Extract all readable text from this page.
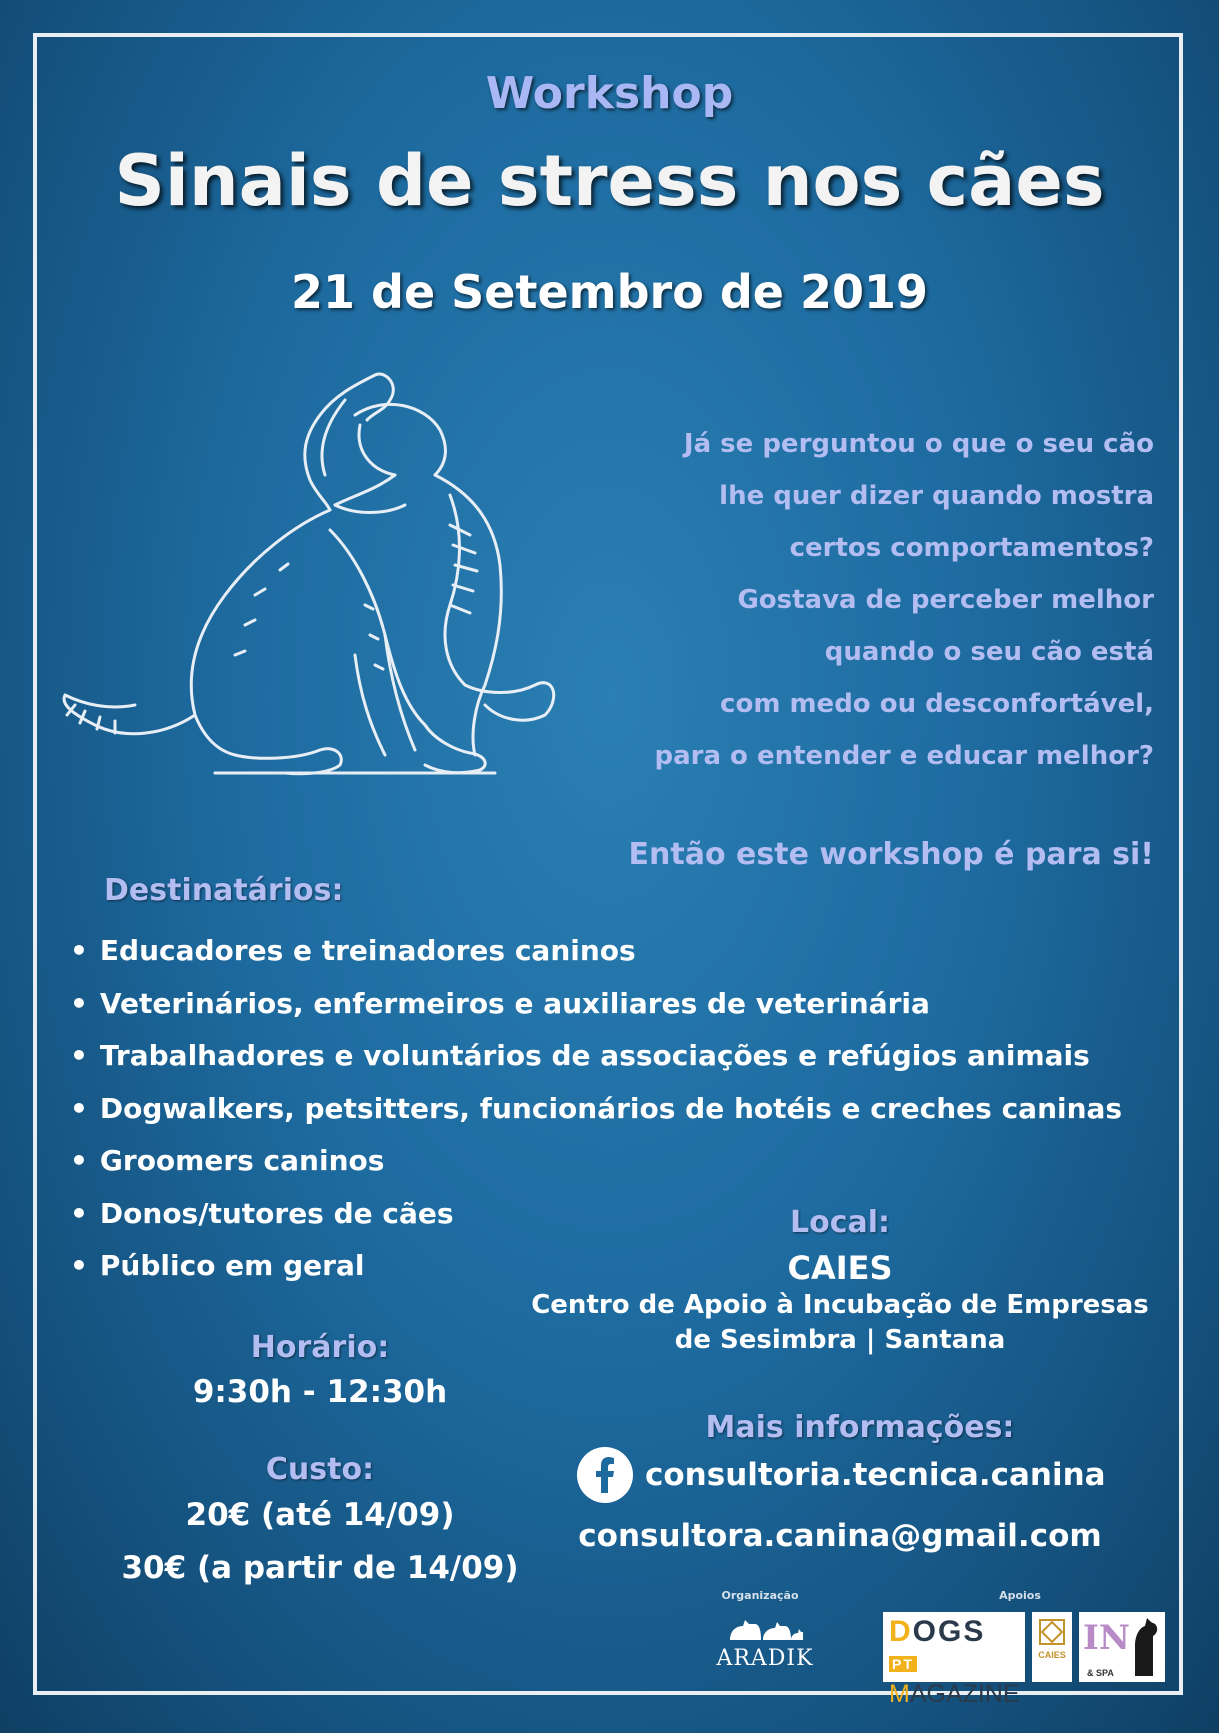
Workshop
Sinais de stress nos cães
21 de Setembro de 2019
Já se perguntou o que o seu cão
lhe quer dizer quando mostra
certos comportamentos?
Gostava de perceber melhor
quando o seu cão está
com medo ou desconfortável,
para o entender e educar melhor?
Então este workshop é para si!
Destinatários:
• Educadores e treinadores caninos
• Veterinários, enfermeiros e auxiliares de veterinária
• Trabalhadores e voluntários de associações e refúgios animais
• Dogwalkers, petsitters, funcionários de hotéis e creches caninas
• Groomers caninos
• Donos/tutores de cães
• Público em geral
Horário:
9:30h - 12:30h
Custo:
20€ (até 14/09)
30€ (a partir de 14/09)
Local:
CAIES
Centro de Apoio à Incubação de Empresas
de Sesimbra | Santana
Mais informações:
consultoria.tecnica.canina
consultora.canina@gmail.com
Organização	Apoios
ARADIK
DOGS $^{PT}$
MAGAZINE
CAIES IN
& SPA
